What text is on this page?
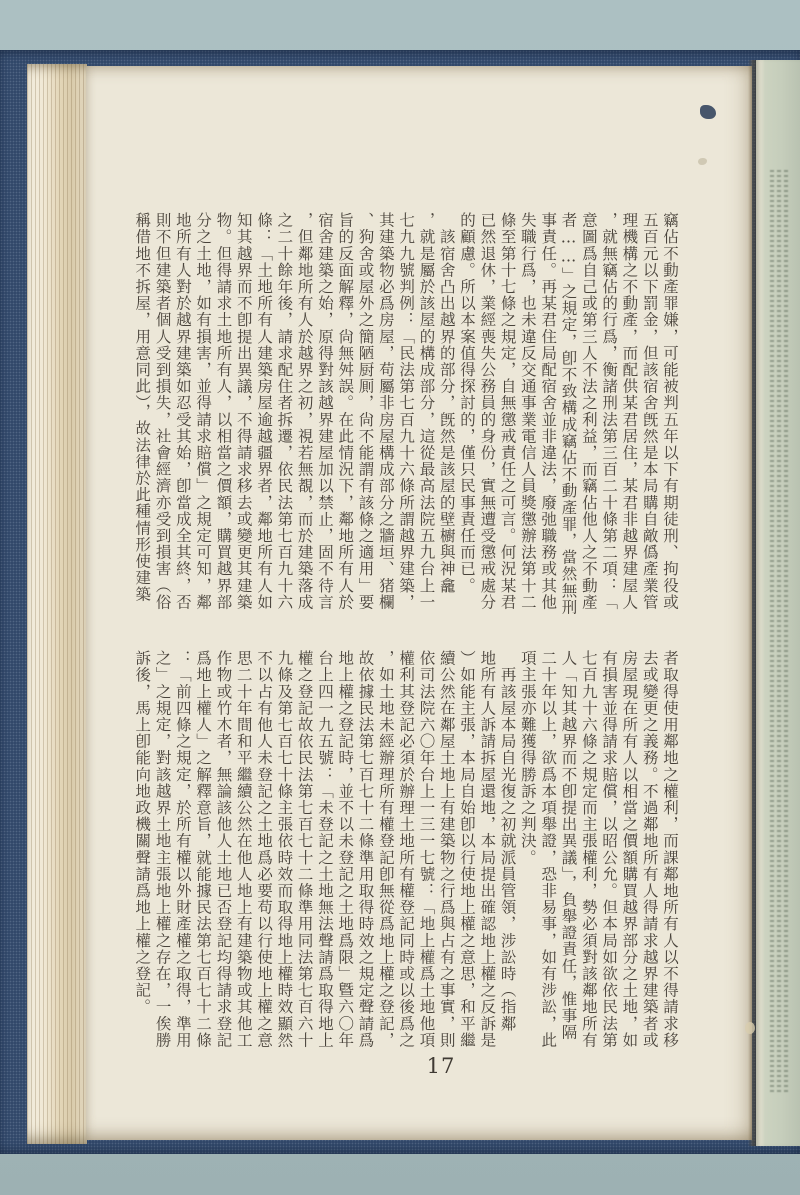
竊佔不動產罪嫌，可能被判五年以下有期徒刑、拘役或
五百元以下罰金，但該宿舍旣然是本局購自敵僞產業管
理機構之不動產，而配供某君居住，某君非越界建屋人
，就無竊佔的行爲，衡諸刑法第三百二十條第二項：「
意圖爲自己或第三人不法之利益，而竊佔他人之不動產
者……」之規定，卽不致構成竊佔不動產罪，當然無刑
事責任。再某君住局配宿舍並非違法，廢弛職務或其他
失職行爲，也未違反交通事業電信人員獎懲辦法第十二
條至第十七條之規定，自無懲戒責任之可言。何況某君
已然退休，業經喪失公務員的身份，實無遭受懲戒處分
的顧慮。所以本案值得探討的，僅只民事責任而已。
　該宿舍凸出越界的部分，旣然是該屋的壁櫥與神龕
，就是屬於該屋的構成部分，這從最高法院五九台上一
七九九號判例：「民法第七百九十六條所謂越界建築，
其建築物必爲房屋，苟屬非房屋構成部分之牆垣、猪欄
、狗舍或屋外之簡陋厨厠，尙不能謂有該條之適用」要
旨的反面解釋，尙無舛誤。在此情況下，鄰地所有人於
宿舍建築之始，原得對該越界建屋加以禁止，固不待言
，但鄰地所有人於越界之初，視若無覩，而於建築落成
之二十餘年後，請求配住者拆遷，依民法第七百九十六
條：「土地所有人建築房屋逾越疆界者，鄰地所有人如
知其越界而不卽提出異議，不得請求移去或變更其建築
物。但得請求土地所有人，以相當之價額，購買越界部
分之土地，如有損害，並得請求賠償」之規定可知，鄰
地所有人對於越界建築如忍受其始，卽當成全其終，否
則不但建築者個人受到損失，社會經濟亦受到損害（俗
稱借地不拆屋，用意同此），故法律於此種情形使建築
者取得使用鄰地之權利，而課鄰地所有人以不得請求移
去或變更之義務。不過鄰地所有人得請求越界建築者或
房屋現在所有人以相當之價額購買越界部分之土地，如
有損害並得請求賠償，以昭公允。但本局如欲依民法第
七百九十六條之規定而主張權利，勢必須對該鄰地所有
人「知其越界而不卽提出異議」，負舉證責任，惟事隔
二十年以上，欲爲本項舉證，恐非易事，如有涉訟，此
項主張亦難獲得勝訴之判決。
　再該屋本局自光復之初就派員管領，涉訟時（指鄰
地所有人訴請拆屋還地，本局提出確認地上權之反訴是
）如能主張，本局自始卽以行使地上權之意思，和平繼
續公然在鄰屋土地上有建築物之行爲與占有之事實，則
依司法院六〇年台上一三一七號：「地上權爲土地他項
權利其登記必須於辦理土地所有權登記同時或以後爲之
，如土地未經辦理所有權登記卽無從爲地上權之登記，
故依據民法第七百七十二條準用取得時效之規定聲請爲
地上權之登記時，並不以未登記之土地爲限」曁六〇年
台上四一九五號：「未登記之土地無法聲請爲取得地上
權之登記故依民法第七百七十二條準用同法第七百六十
九條及第七百七十條主張依時效而取得地上權時效顯然
不以占有他人未登記之土地爲必要苟以行使地上權之意
思二十年間和平繼續公然在他人地上有建築物或其他工
作物或竹木者，無論該他人土地已否登記均得請求登記
爲地上權人」之解釋意旨，就能據民法第七百七十二條
：「前四條之規定，於所有權以外財產權之取得，準用
之」之規定，對該越界土地主張地上權之存在，一俟勝
訴後，馬上卽能向地政機關聲請爲地上權之登記。
17
